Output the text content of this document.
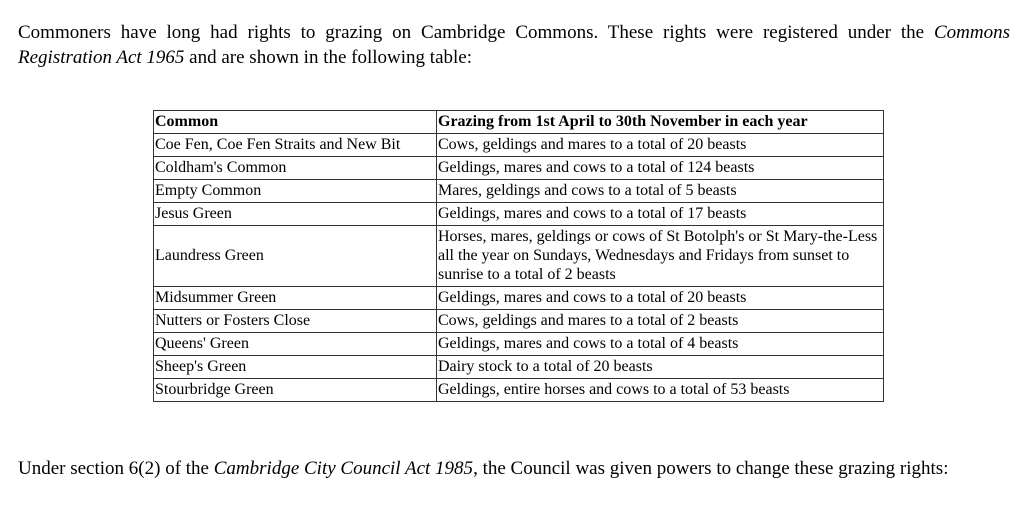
Commoners have long had rights to grazing on Cambridge Commons. These rights were registered under the Commons Registration Act 1965 and are shown in the following table:

Common	Grazing from 1st April to 30th November in each year
Coe Fen, Coe Fen Straits and New Bit	Cows, geldings and mares to a total of 20 beasts
Coldham's Common	Geldings, mares and cows to a total of 124 beasts
Empty Common	Mares, geldings and cows to a total of 5 beasts
Jesus Green	Geldings, mares and cows to a total of 17 beasts
Laundress Green	Horses, mares, geldings or cows of St Botolph's or St Mary-the-Less all the year on Sundays, Wednesdays and Fridays from sunset to sunrise to a total of 2 beasts
Midsummer Green	Geldings, mares and cows to a total of 20 beasts
Nutters or Fosters Close	Cows, geldings and mares to a total of 2 beasts
Queens' Green	Geldings, mares and cows to a total of 4 beasts
Sheep's Green	Dairy stock to a total of 20 beasts
Stourbridge Green	Geldings, entire horses and cows to a total of 53 beasts

Under section 6(2) of the Cambridge City Council Act 1985, the Council was given powers to change these grazing rights:
